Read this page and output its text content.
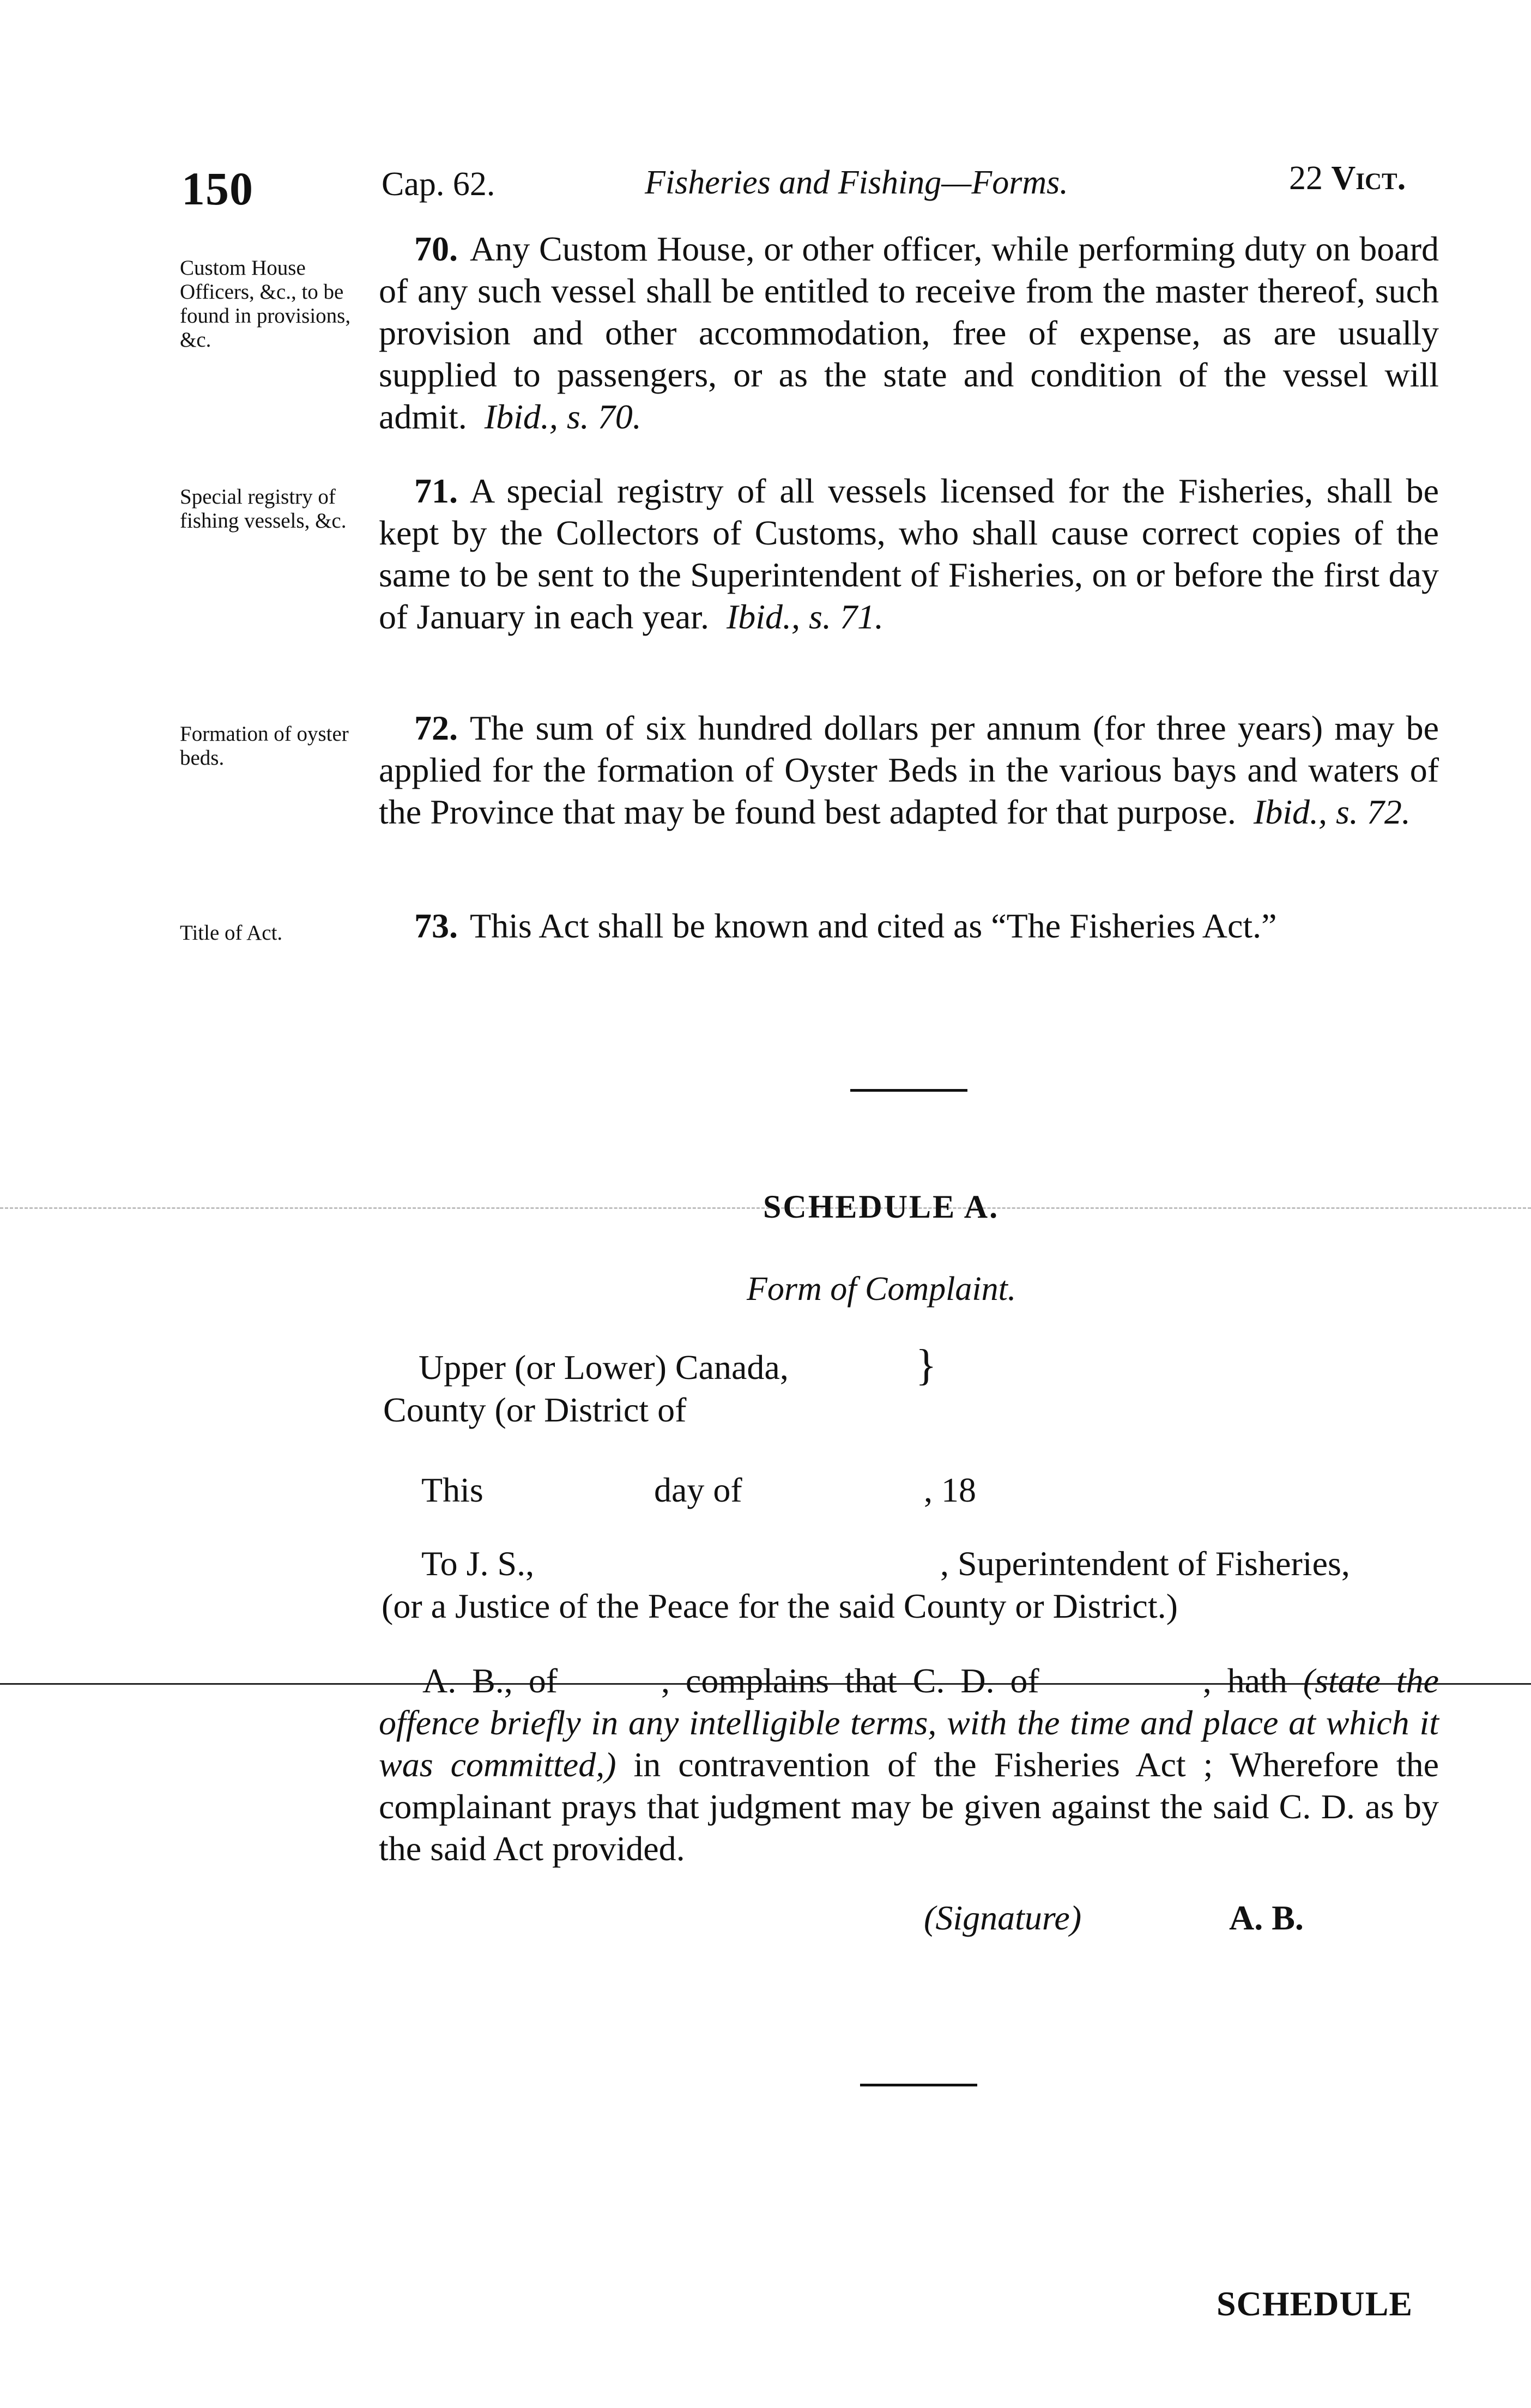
150	Cap. 62.	Fisheries and Fishing—Forms.	22 Vict.
Custom House Officers, &c., to be found in provisions, &c.
70. Any Custom House, or other officer, while performing duty on board of any such vessel shall be entitled to receive from the master thereof, such provision and other accommodation, free of expense, as are usually supplied to passengers, or as the state and condition of the vessel will admit. Ibid., s. 70.
Special registry of fishing vessels, &c.
71. A special registry of all vessels licensed for the Fisheries, shall be kept by the Collectors of Customs, who shall cause correct copies of the same to be sent to the Superintendent of Fisheries, on or before the first day of January in each year. Ibid., s. 71.
Formation of oyster beds.
72. The sum of six hundred dollars per annum (for three years) may be applied for the formation of Oyster Beds in the various bays and waters of the Province that may be found best adapted for that purpose. Ibid., s. 72.
Title of Act.	73. This Act shall be known and cited as “The Fisheries Act.”
SCHEDULE A.
Form of Complaint.
Upper (or Lower) Canada,
County (or District of
}
This	day of	, 18
To J. S.,	, Superintendent of Fisheries,
(or a Justice of the Peace for the said County or District.)
A. B., of	, complains that C. D. of	, hath (state the offence briefly in any intelligible terms, with the time and place at which it was committed,) in contravention of the Fisheries Act ; Wherefore the complainant prays that judgment may be given against the said C. D. as by the said Act provided.
(Signature)	A. B.
SCHEDULE
